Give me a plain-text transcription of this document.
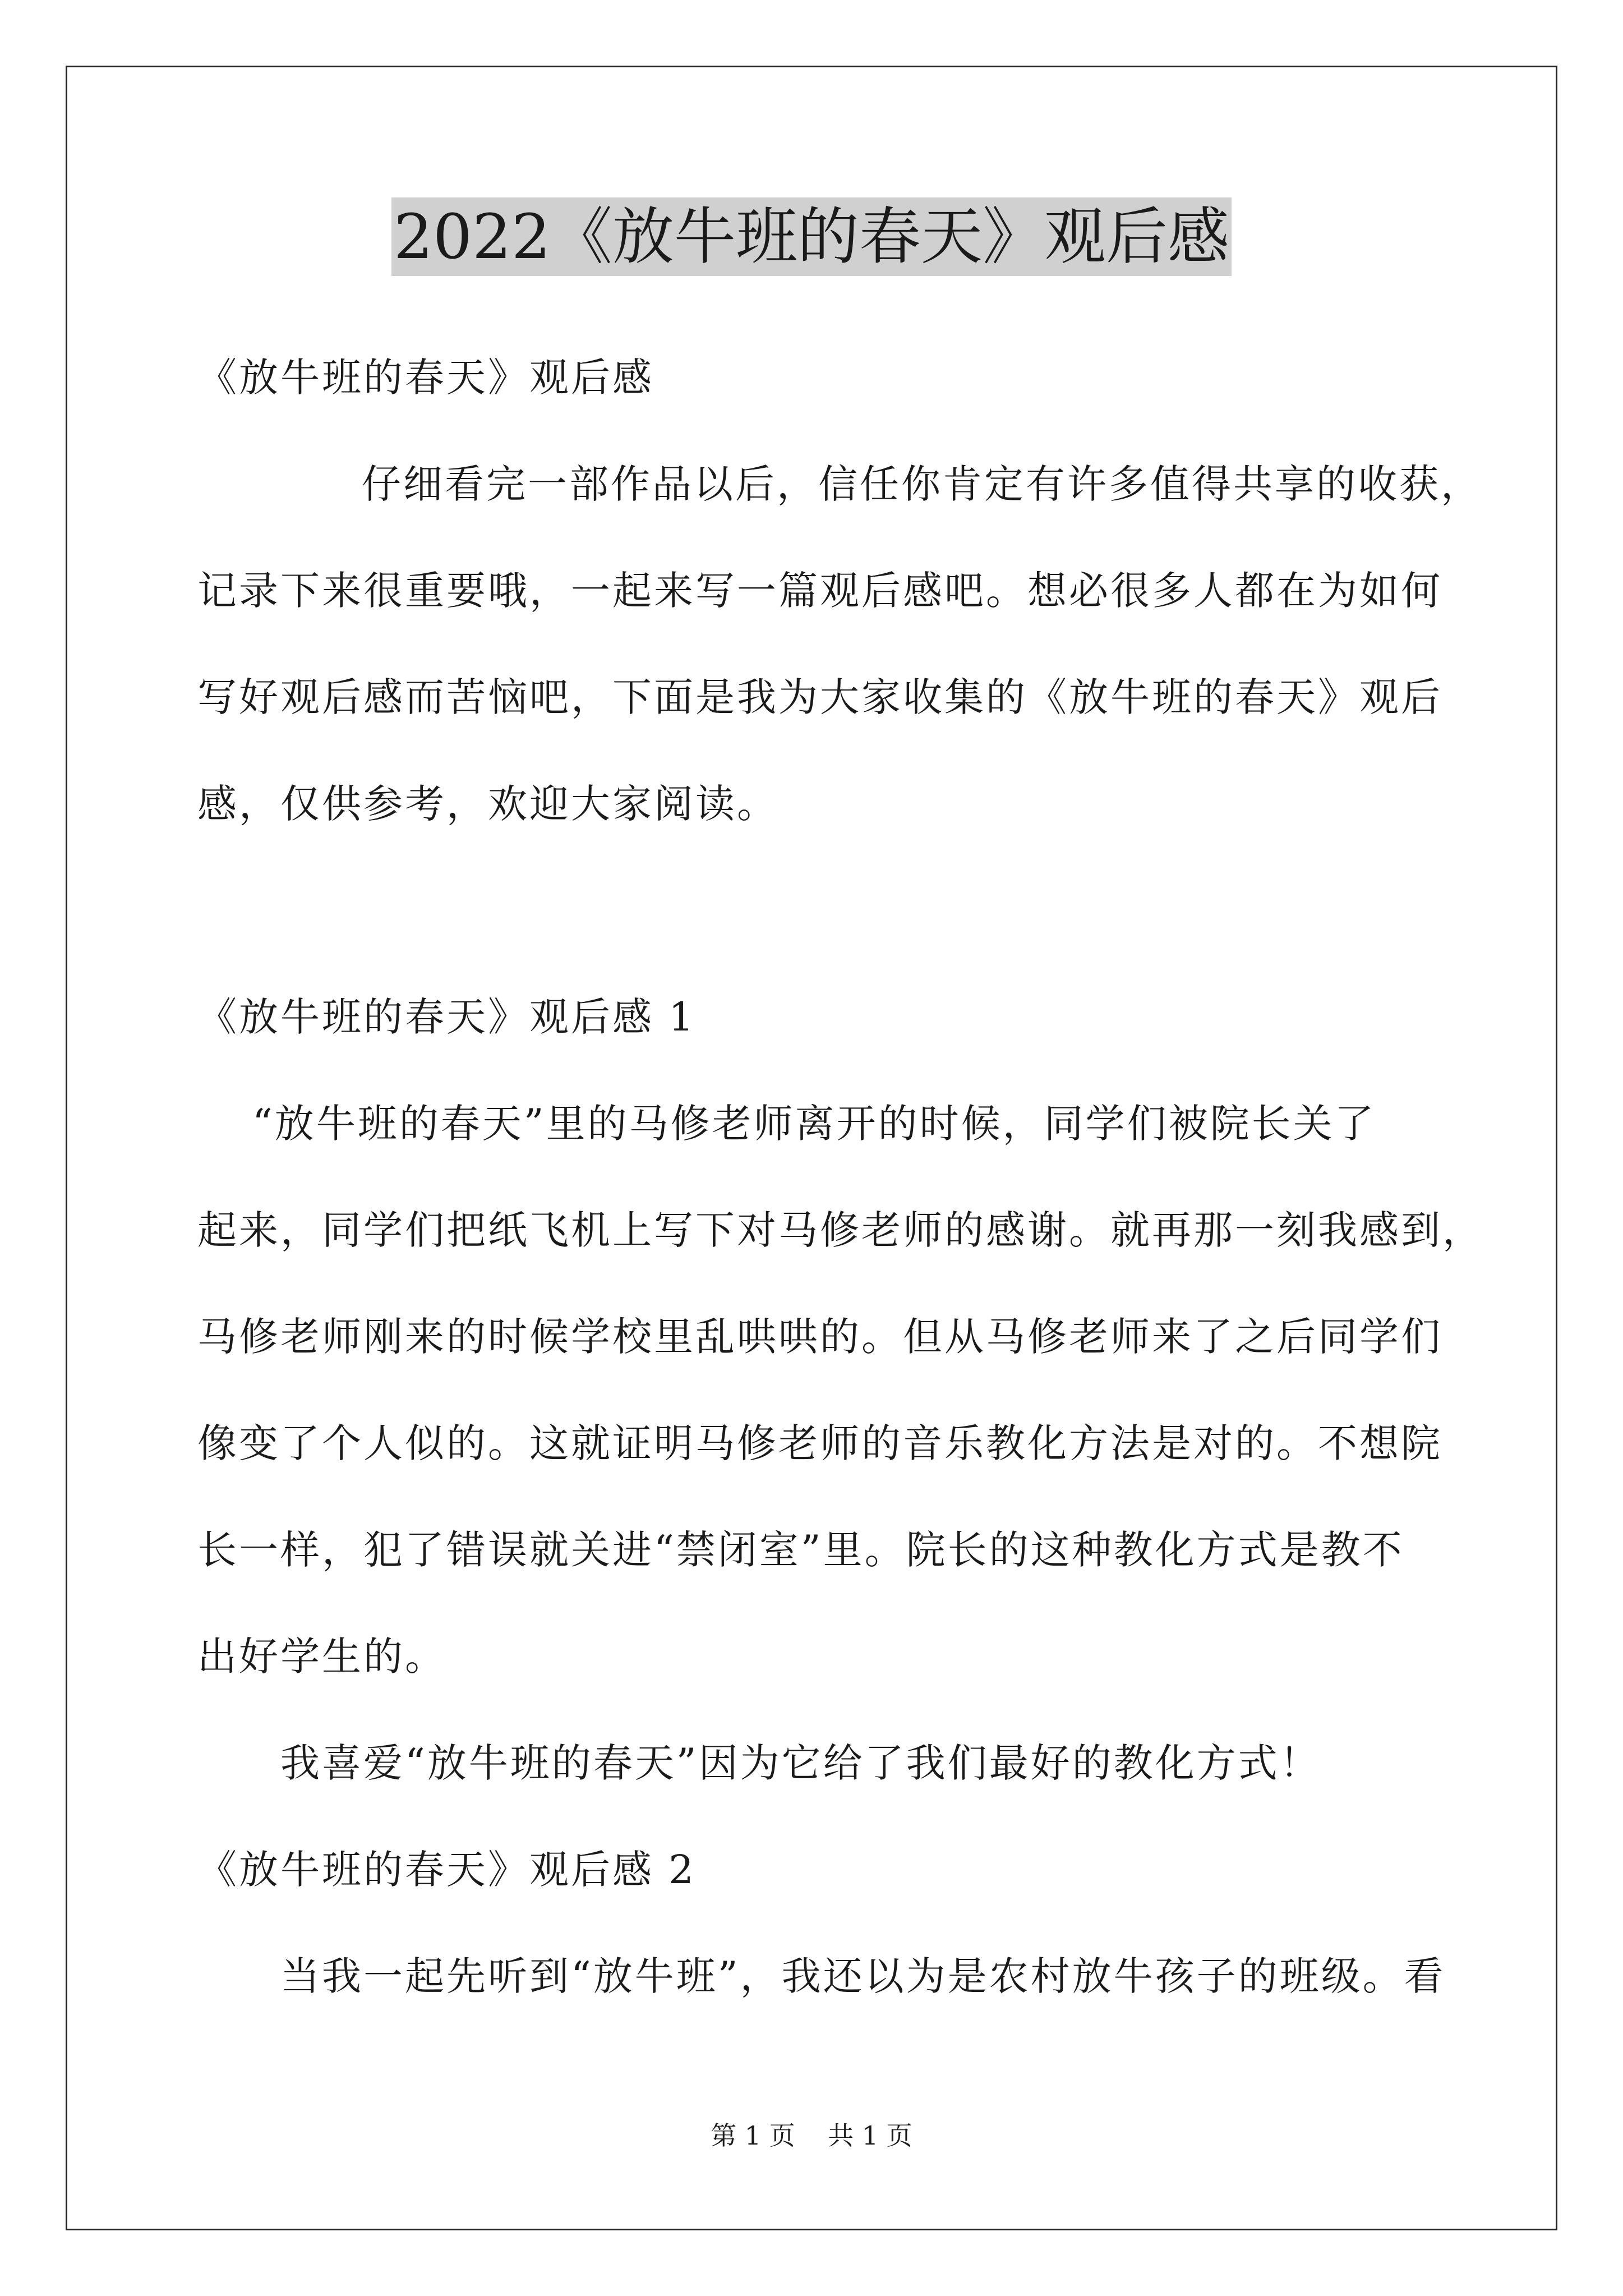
2022《放牛班的春天》观后感
《放牛班的春天》观后感
仔细看完一部作品以后，信任你肯定有许多值得共享的收获，
记录下来很重要哦，一起来写一篇观后感吧。想必很多人都在为如何
写好观后感而苦恼吧，下面是我为大家收集的《放牛班的春天》观后
感，仅供参考，欢迎大家阅读。
《放牛班的春天》观后感 1
“放牛班的春天”里的马修老师离开的时候，同学们被院长关了
起来，同学们把纸飞机上写下对马修老师的感谢。就再那一刻我感到，
马修老师刚来的时候学校里乱哄哄的。但从马修老师来了之后同学们
像变了个人似的。这就证明马修老师的音乐教化方法是对的。不想院
长一样，犯了错误就关进“禁闭室”里。院长的这种教化方式是教不
出好学生的。
我喜爱“放牛班的春天”因为它给了我们最好的教化方式！
《放牛班的春天》观后感 2
当我一起先听到“放牛班”，我还以为是农村放牛孩子的班级。看
第 1 页    共 1 页
